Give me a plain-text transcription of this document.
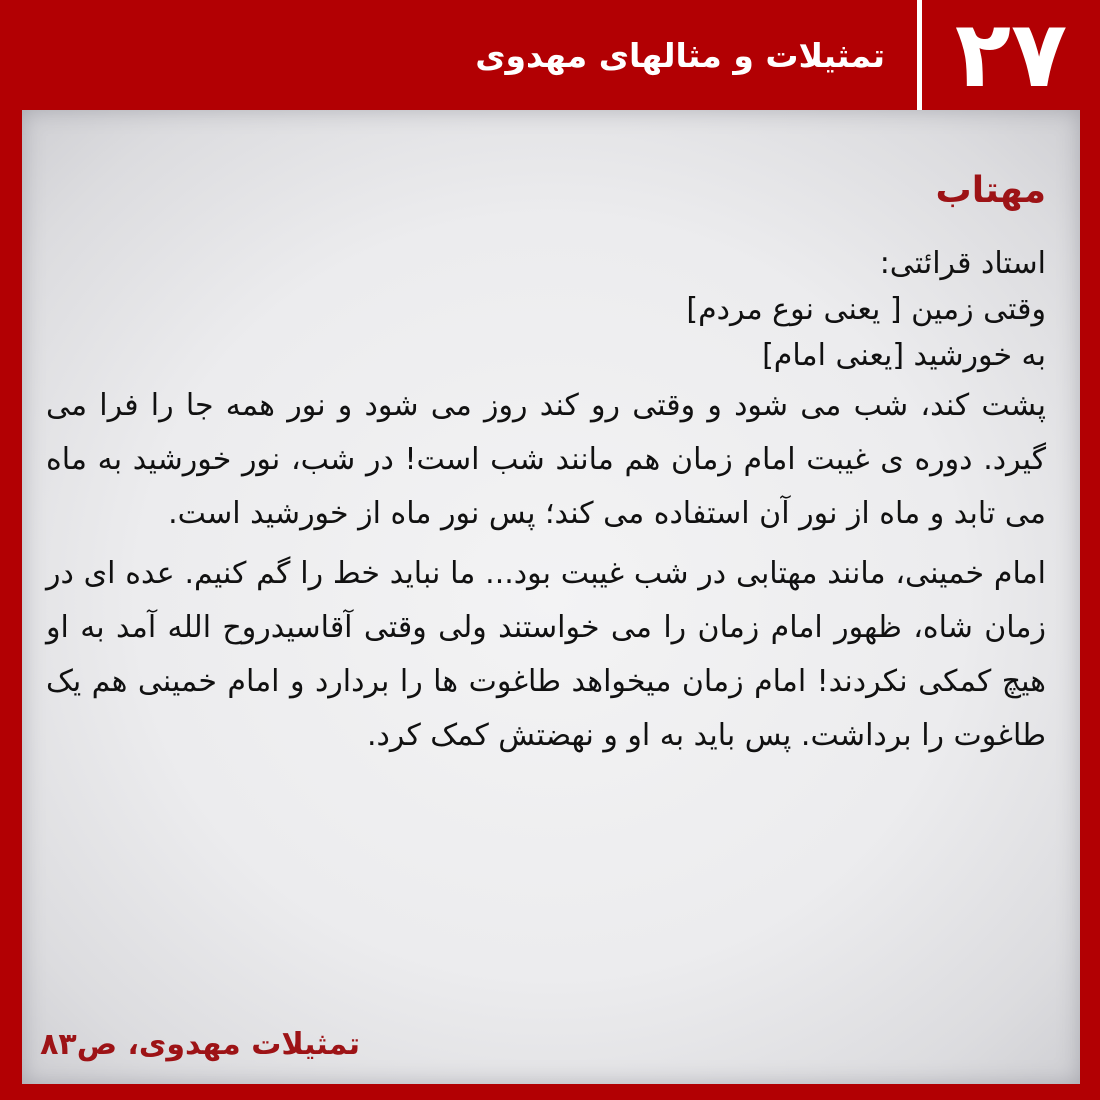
۲۷
تمثیلات و مثالهای مهدوی
مهتاب

استاد قرائتی:

وقتی زمین [ یعنی نوع مردم]

به خورشید [یعنی امام]

پشت کند، شب می شود و وقتی رو کند روز می شود و نور همه جا را فرا می گیرد. دوره ی غیبت امام زمان هم مانند شب است! در شب، نور خورشید به ماه می تابد و ماه از نور آن استفاده می کند؛ پس نور ماه از خورشید است.

امام خمینی، مانند مهتابی در شب غیبت بود... ما نباید خط را گم کنیم. عده ای در زمان شاه، ظهور امام زمان را می خواستند ولی وقتی آقاسیدروح الله آمد به او هیچ کمکی نکردند! امام زمان میخواهد طاغوت ها را بردارد و امام خمینی هم یک طاغوت را برداشت. پس باید به او و نهضتش کمک کرد.

تمثیلات مهدوی، ص۸۳
